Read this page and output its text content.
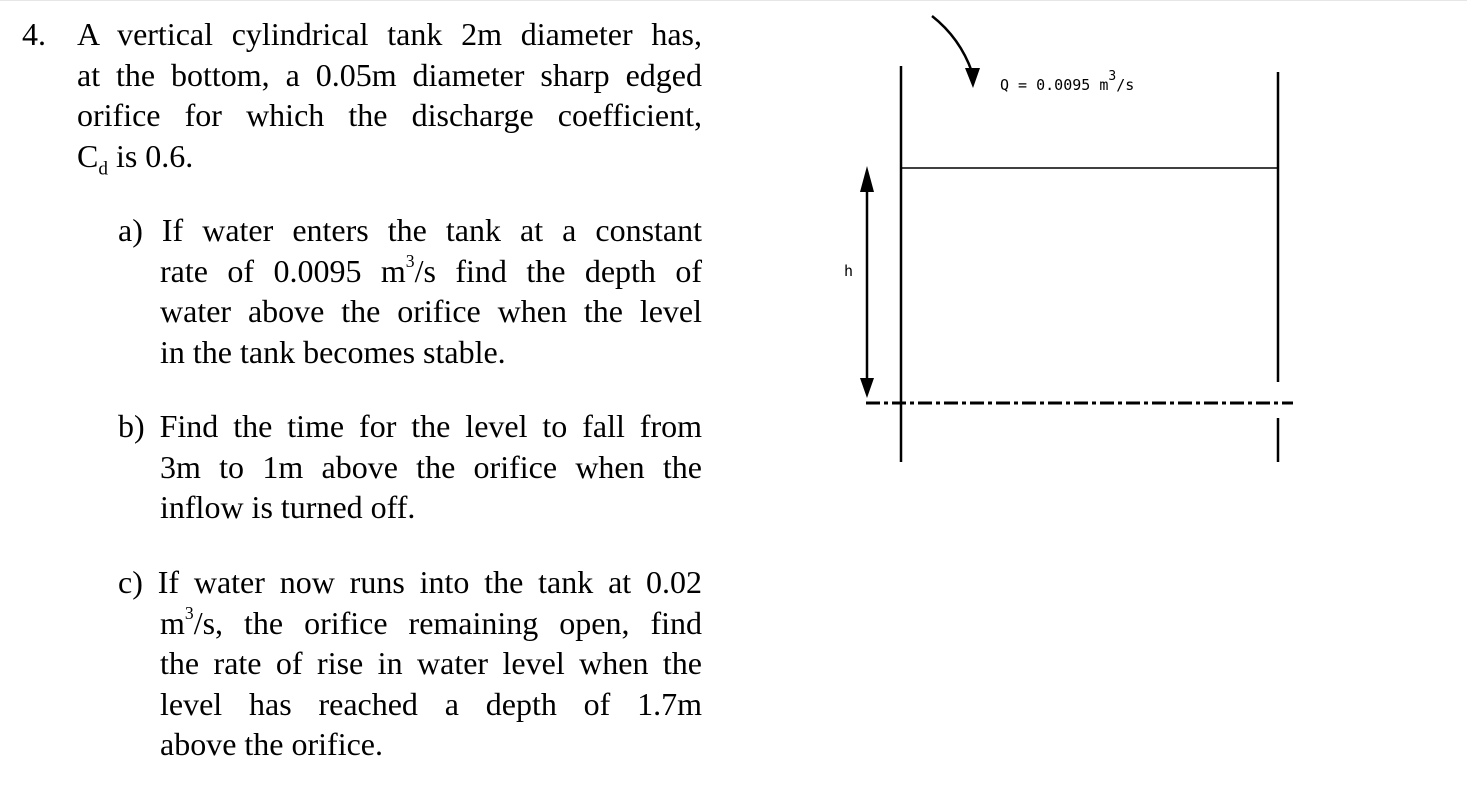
4. A vertical cylindrical tank 2m diameter has,
at the bottom, a 0.05m diameter sharp edged
orifice for which the discharge coefficient,
$C_d$ is 0.6.
a) If water enters the tank at a constant
rate of 0.0095 $m^3/s$ find the depth of
water above the orifice when the level
in the tank becomes stable.
b) Find the time for the level to fall from
3m to 1m above the orifice when the
inflow is turned off.
c) If water now runs into the tank at 0.02
$m^3/s$, the orifice remaining open, find
the rate of rise in water level when the
level has reached a depth of 1.7m
above the orifice.
Q = 0.0095 m3/s
h
